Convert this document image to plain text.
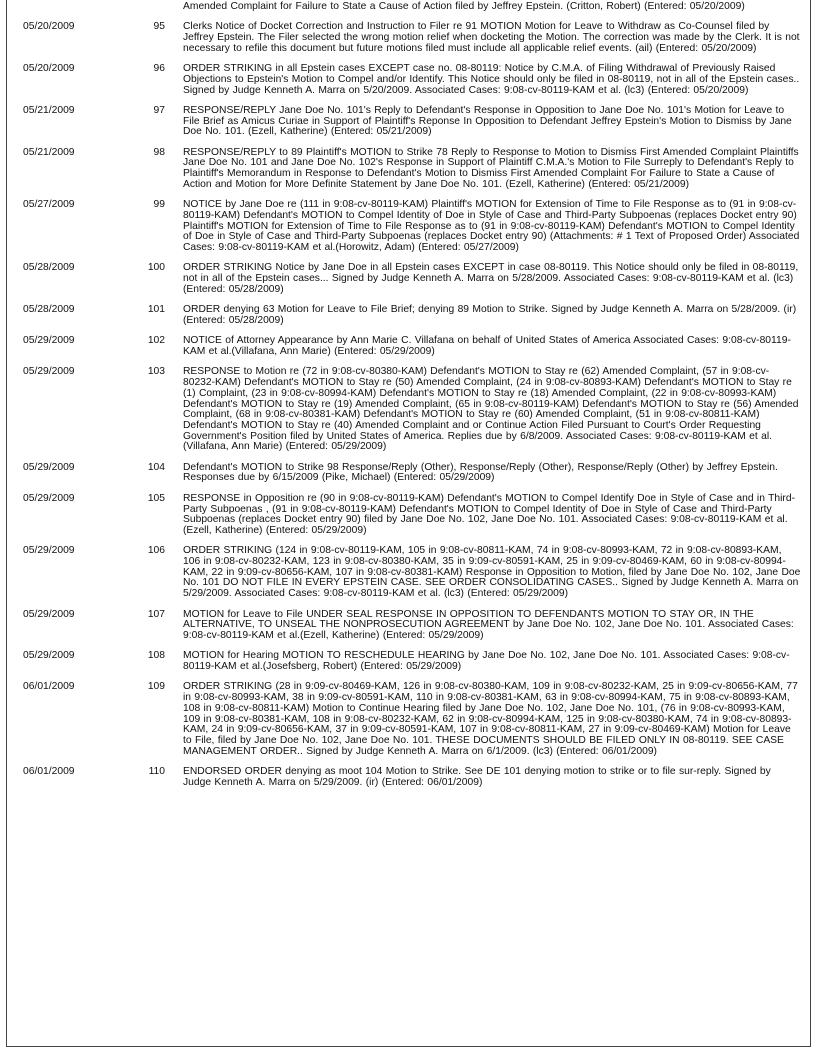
		Amended Complaint for Failure to State a Cause of Action filed by Jeffrey Epstein. (Critton, Robert) (Entered: 05/20/2009)
05/20/2009	95	Clerks Notice of Docket Correction and Instruction to Filer re 91 MOTION Motion for Leave to Withdraw as Co-Counsel filed by Jeffrey Epstein. The Filer selected the wrong motion relief when docketing the Motion. The correction was made by the Clerk. It is not necessary to refile this document but future motions filed must include all applicable relief events. (ail) (Entered: 05/20/2009)
05/20/2009	96	ORDER STRIKING in all Epstein cases EXCEPT case no. 08-80119: Notice by C.M.A. of Filing Withdrawal of Previously Raised Objections to Epstein's Motion to Compel and/or Identify. This Notice should only be filed in 08-80119, not in all of the Epstein cases.. Signed by Judge Kenneth A. Marra on 5/20/2009. Associated Cases: 9:08-cv-80119-KAM et al. (lc3) (Entered: 05/20/2009)
05/21/2009	97	RESPONSE/REPLY Jane Doe No. 101's Reply to Defendant's Response in Opposition to Jane Doe No. 101's Motion for Leave to File Brief as Amicus Curiae in Support of Plaintiff's Reponse In Opposition to Defendant Jeffrey Epstein's Motion to Dismiss by Jane Doe No. 101. (Ezell, Katherine) (Entered: 05/21/2009)
05/21/2009	98	RESPONSE/REPLY to 89 Plaintiff's MOTION to Strike 78 Reply to Response to Motion to Dismiss First Amended Complaint Plaintiffs Jane Doe No. 101 and Jane Doe No. 102's Response in Support of Plaintiff C.M.A.'s Motion to File Surreply to Defendant's Reply to Plaintiff's Memorandum in Response to Defendant's Motion to Dismiss First Amended Complaint For Failure to State a Cause of Action and Motion for More Definite Statement by Jane Doe No. 101. (Ezell, Katherine) (Entered: 05/21/2009)
05/27/2009	99	NOTICE by Jane Doe re (111 in 9:08-cv-80119-KAM) Plaintiff's MOTION for Extension of Time to File Response as to (91 in 9:08-cv-80119-KAM) Defendant's MOTION to Compel Identity of Doe in Style of Case and Third-Party Subpoenas (replaces Docket entry 90) Plaintiff's MOTION for Extension of Time to File Response as to (91 in 9:08-cv-80119-KAM) Defendant's MOTION to Compel Identity of Doe in Style of Case and Third-Party Subpoenas (replaces Docket entry 90) (Attachments: # 1 Text of Proposed Order) Associated Cases: 9:08-cv-80119-KAM et al.(Horowitz, Adam) (Entered: 05/27/2009)
05/28/2009	100	ORDER STRIKING Notice by Jane Doe in all Epstein cases EXCEPT in case 08-80119. This Notice should only be filed in 08-80119, not in all of the Epstein cases... Signed by Judge Kenneth A. Marra on 5/28/2009. Associated Cases: 9:08-cv-80119-KAM et al. (lc3) (Entered: 05/28/2009)
05/28/2009	101	ORDER denying 63 Motion for Leave to File Brief; denying 89 Motion to Strike. Signed by Judge Kenneth A. Marra on 5/28/2009. (ir) (Entered: 05/28/2009)
05/29/2009	102	NOTICE of Attorney Appearance by Ann Marie C. Villafana on behalf of United States of America Associated Cases: 9:08-cv-80119-KAM et al.(Villafana, Ann Marie) (Entered: 05/29/2009)
05/29/2009	103	RESPONSE to Motion re (72 in 9:08-cv-80380-KAM) Defendant's MOTION to Stay re (62) Amended Complaint, (57 in 9:08-cv-80232-KAM) Defendant's MOTION to Stay re (50) Amended Complaint, (24 in 9:08-cv-80893-KAM) Defendant's MOTION to Stay re (1) Complaint, (23 in 9:08-cv-80994-KAM) Defendant's MOTION to Stay re (18) Amended Complaint, (22 in 9:08-cv-80993-KAM) Defendant's MOTION to Stay re (19) Amended Complaint, (65 in 9:08-cv-80119-KAM) Defendant's MOTION to Stay re (56) Amended Complaint, (68 in 9:08-cv-80381-KAM) Defendant's MOTION to Stay re (60) Amended Complaint, (51 in 9:08-cv-80811-KAM) Defendant's MOTION to Stay re (40) Amended Complaint and or Continue Action Filed Pursuant to Court's Order Requesting Government's Position filed by United States of America. Replies due by 6/8/2009. Associated Cases: 9:08-cv-80119-KAM et al.(Villafana, Ann Marie) (Entered: 05/29/2009)
05/29/2009	104	Defendant's MOTION to Strike 98 Response/Reply (Other), Response/Reply (Other), Response/Reply (Other) by Jeffrey Epstein. Responses due by 6/15/2009 (Pike, Michael) (Entered: 05/29/2009)
05/29/2009	105	RESPONSE in Opposition re (90 in 9:08-cv-80119-KAM) Defendant's MOTION to Compel Identify Doe in Style of Case and in Third-Party Subpoenas , (91 in 9:08-cv-80119-KAM) Defendant's MOTION to Compel Identity of Doe in Style of Case and Third-Party Subpoenas (replaces Docket entry 90) filed by Jane Doe No. 102, Jane Doe No. 101. Associated Cases: 9:08-cv-80119-KAM et al.(Ezell, Katherine) (Entered: 05/29/2009)
05/29/2009	106	ORDER STRIKING (124 in 9:08-cv-80119-KAM, 105 in 9:08-cv-80811-KAM, 74 in 9:08-cv-80993-KAM, 72 in 9:08-cv-80893-KAM, 106 in 9:08-cv-80232-KAM, 123 in 9:08-cv-80380-KAM, 35 in 9:09-cv-80591-KAM, 25 in 9:09-cv-80469-KAM, 60 in 9:08-cv-80994-KAM, 22 in 9:09-cv-80656-KAM, 107 in 9:08-cv-80381-KAM) Response in Opposition to Motion, filed by Jane Doe No. 102, Jane Doe No. 101 DO NOT FILE IN EVERY EPSTEIN CASE. SEE ORDER CONSOLIDATING CASES.. Signed by Judge Kenneth A. Marra on 5/29/2009. Associated Cases: 9:08-cv-80119-KAM et al. (lc3) (Entered: 05/29/2009)
05/29/2009	107	MOTION for Leave to File UNDER SEAL RESPONSE IN OPPOSITION TO DEFENDANTS MOTION TO STAY OR, IN THE ALTERNATIVE, TO UNSEAL THE NONPROSECUTION AGREEMENT by Jane Doe No. 102, Jane Doe No. 101. Associated Cases: 9:08-cv-80119-KAM et al.(Ezell, Katherine) (Entered: 05/29/2009)
05/29/2009	108	MOTION for Hearing MOTION TO RESCHEDULE HEARING by Jane Doe No. 102, Jane Doe No. 101. Associated Cases: 9:08-cv-80119-KAM et al.(Josefsberg, Robert) (Entered: 05/29/2009)
06/01/2009	109	ORDER STRIKING (28 in 9:09-cv-80469-KAM, 126 in 9:08-cv-80380-KAM, 109 in 9:08-cv-80232-KAM, 25 in 9:09-cv-80656-KAM, 77 in 9:08-cv-80993-KAM, 38 in 9:09-cv-80591-KAM, 110 in 9:08-cv-80381-KAM, 63 in 9:08-cv-80994-KAM, 75 in 9:08-cv-80893-KAM, 108 in 9:08-cv-80811-KAM) Motion to Continue Hearing filed by Jane Doe No. 102, Jane Doe No. 101, (76 in 9:08-cv-80993-KAM, 109 in 9:08-cv-80381-KAM, 108 in 9:08-cv-80232-KAM, 62 in 9:08-cv-80994-KAM, 125 in 9:08-cv-80380-KAM, 74 in 9:08-cv-80893-KAM, 24 in 9:09-cv-80656-KAM, 37 in 9:09-cv-80591-KAM, 107 in 9:08-cv-80811-KAM, 27 in 9:09-cv-80469-KAM) Motion for Leave to File, filed by Jane Doe No. 102, Jane Doe No. 101. THESE DOCUMENTS SHOULD BE FILED ONLY IN 08-80119. SEE CASE MANAGEMENT ORDER.. Signed by Judge Kenneth A. Marra on 6/1/2009. (lc3) (Entered: 06/01/2009)
06/01/2009	110	ENDORSED ORDER denying as moot 104 Motion to Strike. See DE 101 denying motion to strike or to file sur-reply. Signed by Judge Kenneth A. Marra on 5/29/2009. (ir) (Entered: 06/01/2009)
